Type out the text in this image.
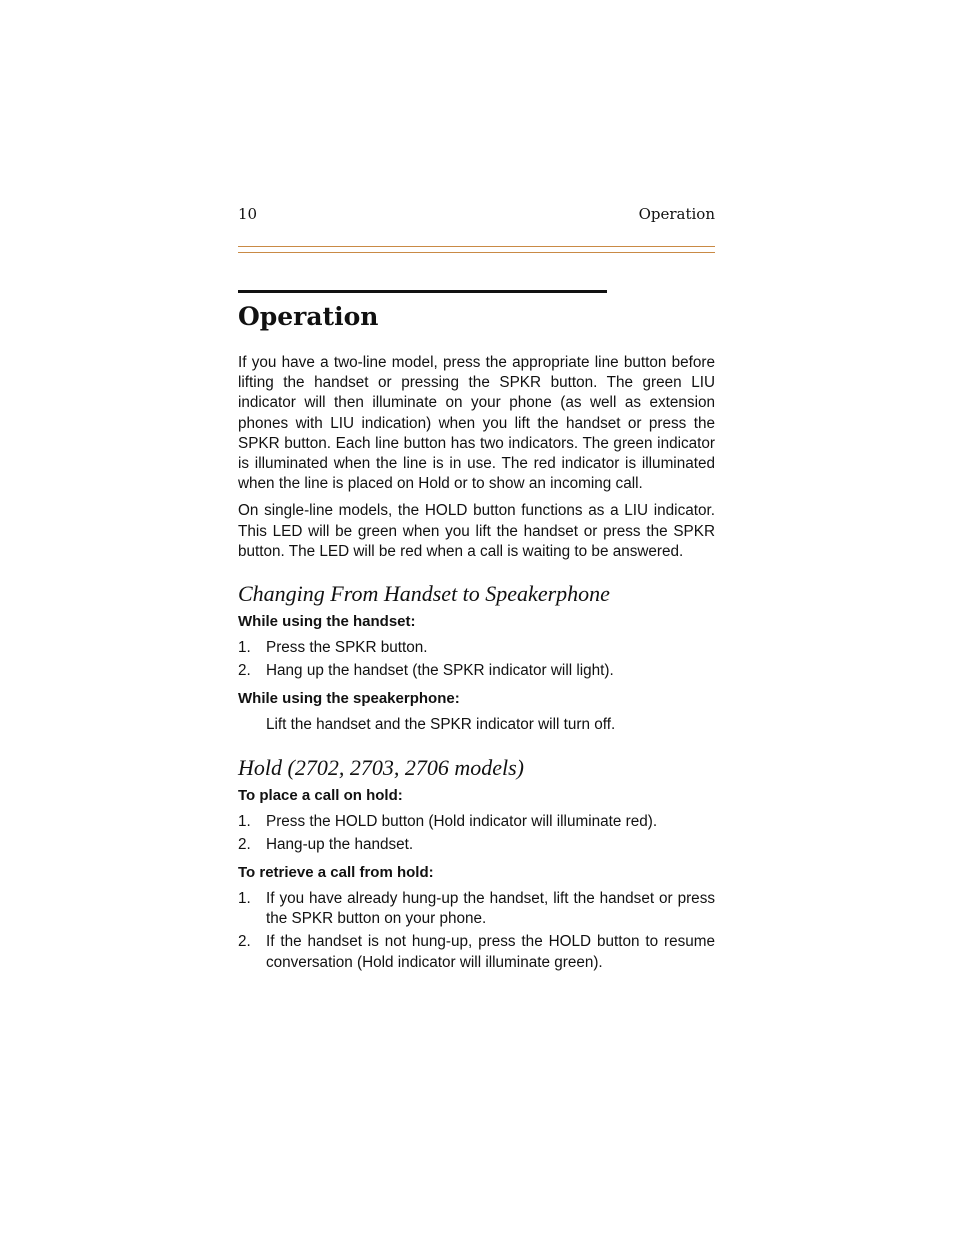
10	Operation
Operation

If you have a two-line model, press the appropriate line button before lifting the handset or pressing the SPKR button. The green LIU indicator will then illuminate on your phone (as well as extension phones with LIU indication) when you lift the handset or press the SPKR button. Each line button has two indicators. The green indicator is illuminated when the line is in use. The red indicator is illuminated when the line is placed on Hold or to show an incoming call.

On single-line models, the HOLD button functions as a LIU indicator. This LED will be green when you lift the handset or press the SPKR button. The LED will be red when a call is waiting to be answered.

Changing From Handset to Speakerphone
While using the handset:
1. Press the SPKR button.
2. Hang up the handset (the SPKR indicator will light).
While using the speakerphone:

Lift the handset and the SPKR indicator will turn off.

Hold (2702, 2703, 2706 models)
To place a call on hold:
1. Press the HOLD button (Hold indicator will illuminate red).
2. Hang-up the handset.
To retrieve a call from hold:
1. If you have already hung-up the handset, lift the handset or press the SPKR button on your phone.
2. If the handset is not hung-up, press the HOLD button to resume conversation (Hold indicator will illuminate green).
